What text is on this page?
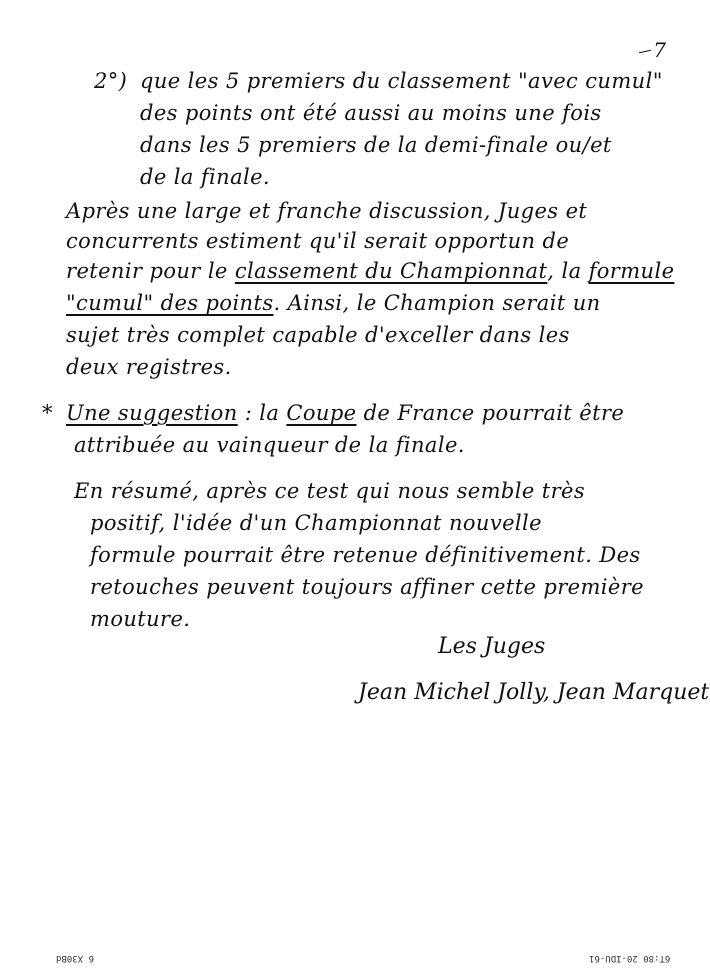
7
2°) que les 5 premiers du classement "avec cumul"
des points ont été aussi au moins une fois
dans les 5 premiers de la demi-finale ou/et
de la finale.
Après une large et franche discussion, Juges et
concurrents estiment qu'il serait opportun de
retenir pour le classement du Championnat, la formule
"cumul" des points. Ainsi, le Champion serait un
sujet très complet capable d'exceller dans les
deux registres.
* Une suggestion : la Coupe de France pourrait être
attribuée au vainqueur de la finale.
En résumé, après ce test qui nous semble très
positif, l'idée d'un Championnat nouvelle
formule pourrait être retenue définitivement. Des
retouches peuvent toujours affiner cette première
mouture.
Les Juges
Jean Michel Jolly, Jean Marquet
6 X30Bd	6T:80 20-IDU-61
